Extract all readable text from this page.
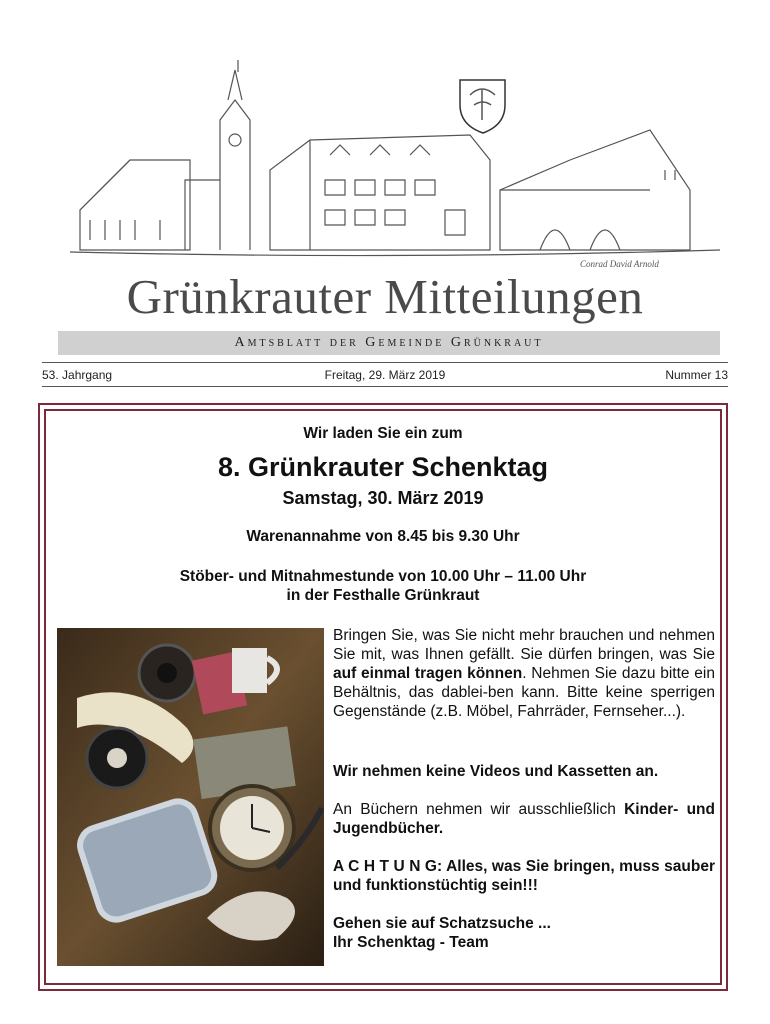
Conrad David Arnold
Grünkrauter Mitteilungen
Amtsblatt der Gemeinde Grünkraut
53. Jahrgang	Freitag, 29. März 2019	Nummer 13
Wir laden Sie ein zum
8. Grünkrauter Schenktag
Samstag, 30. März 2019
Warenannahme von 8.45 bis 9.30 Uhr
Stöber- und Mitnahmestunde von 10.00 Uhr – 11.00 Uhr
in der Festhalle Grünkraut

Bringen Sie, was Sie nicht mehr brauchen und nehmen Sie mit, was Ihnen gefällt. Sie dürfen bringen, was Sie auf einmal tragen können. Nehmen Sie dazu bitte ein Behältnis, das dablei-ben kann. Bitte keine sperrigen Gegenstände (z.B. Möbel, Fahrräder, Fernseher...).

Wir nehmen keine Videos und Kassetten an.

An Büchern nehmen wir ausschließlich Kinder- und Jugendbücher.

A C H T U N G: Alles, was Sie bringen, muss sauber und funktionstüchtig sein!!!

Gehen sie auf Schatzsuche ...

Ihr Schenktag - Team
